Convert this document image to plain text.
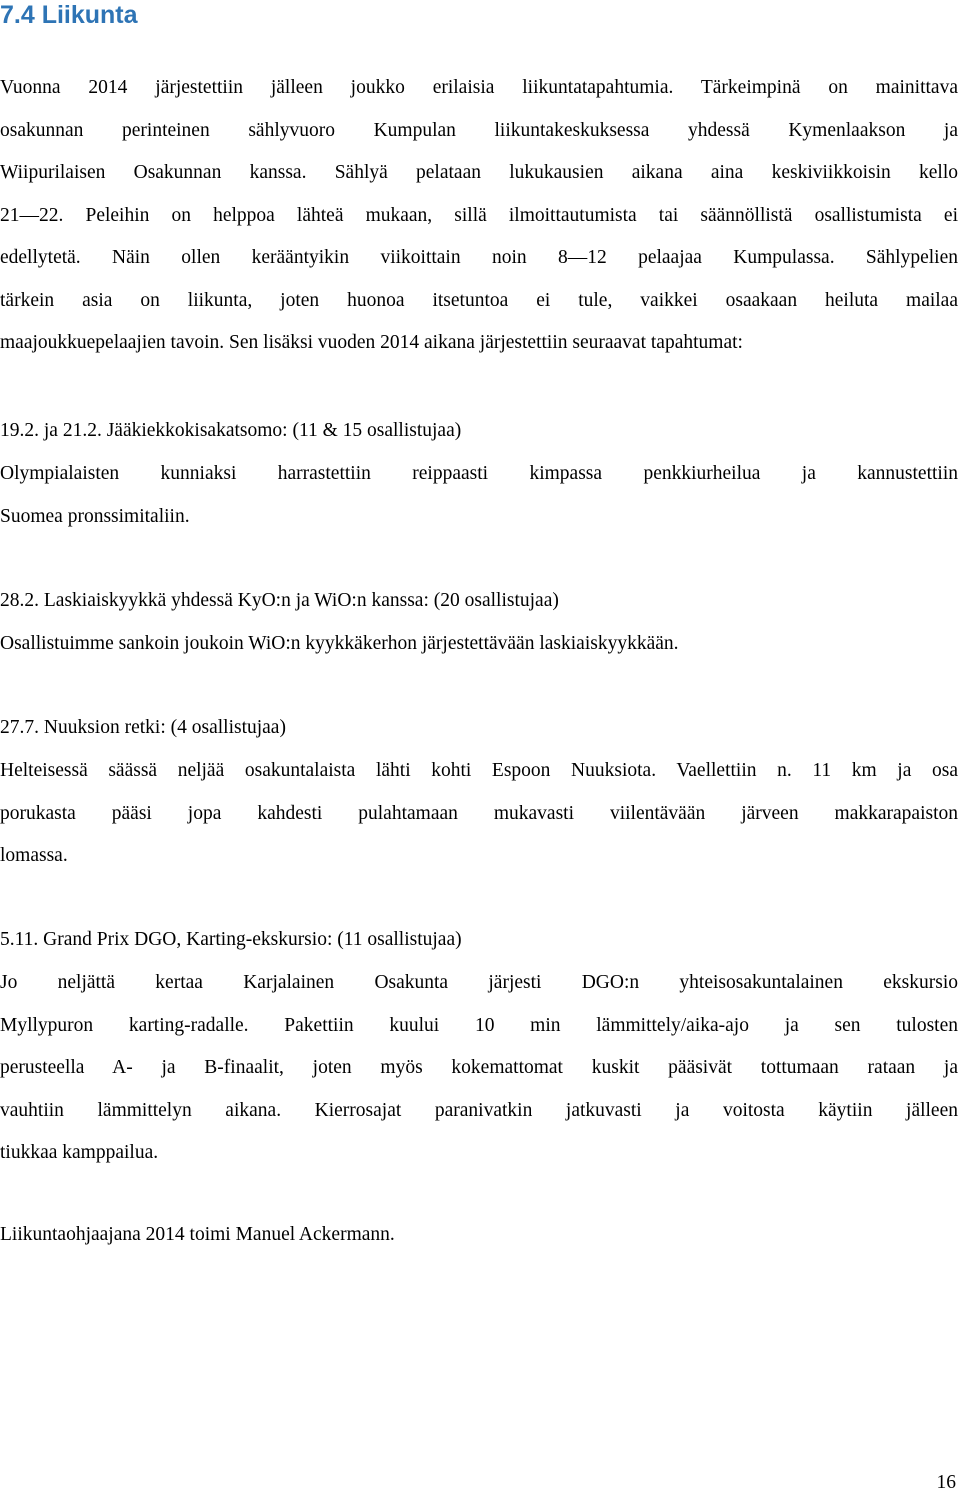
7.4 Liikunta
Vuonna 2014 järjestettiin jälleen joukko erilaisia liikuntatapahtumia. Tärkeimpinä on mainittava
osakunnan perinteinen sählyvuoro Kumpulan liikuntakeskuksessa yhdessä Kymenlaakson ja
Wiipurilaisen Osakunnan kanssa. Sählyä pelataan lukukausien aikana aina keskiviikkoisin kello
21—22. Peleihin on helppoa lähteä mukaan, sillä ilmoittautumista tai säännöllistä osallistumista ei
edellytetä. Näin ollen kerääntyikin viikoittain noin 8—12 pelaajaa Kumpulassa. Sählypelien
tärkein asia on liikunta, joten huonoa itsetuntoa ei tule, vaikkei osaakaan heiluta mailaa
maajoukkuepelaajien tavoin. Sen lisäksi vuoden 2014 aikana järjestettiin seuraavat tapahtumat:

19.2. ja 21.2. Jääkiekkokisakatsomo: (11 & 15 osallistujaa)

Olympialaisten kunniaksi harrastettiin reippaasti kimpassa penkkiurheilua ja kannustettiin
Suomea pronssimitaliin.

28.2. Laskiaiskyykkä yhdessä KyO:n ja WiO:n kanssa: (20 osallistujaa)

Osallistuimme sankoin joukoin WiO:n kyykkäkerhon järjestettävään laskiaiskyykkään.

27.7. Nuuksion retki: (4 osallistujaa)

Helteisessä säässä neljää osakuntalaista lähti kohti Espoon Nuuksiota. Vaellettiin n. 11 km ja osa
porukasta pääsi jopa kahdesti pulahtamaan mukavasti viilentävään järveen makkarapaiston
lomassa.

5.11. Grand Prix DGO, Karting-ekskursio: (11 osallistujaa)

Jo neljättä kertaa Karjalainen Osakunta järjesti DGO:n yhteisosakuntalainen ekskursio
Myllypuron karting-radalle. Pakettiin kuului 10 min lämmittely/aika-ajo ja sen tulosten
perusteella A- ja B-finaalit, joten myös kokemattomat kuskit pääsivät tottumaan rataan ja
vauhtiin lämmittelyn aikana. Kierrosajat paranivatkin jatkuvasti ja voitosta käytiin jälleen
tiukkaa kamppailua.

Liikuntaohjaajana 2014 toimi Manuel Ackermann.

16
